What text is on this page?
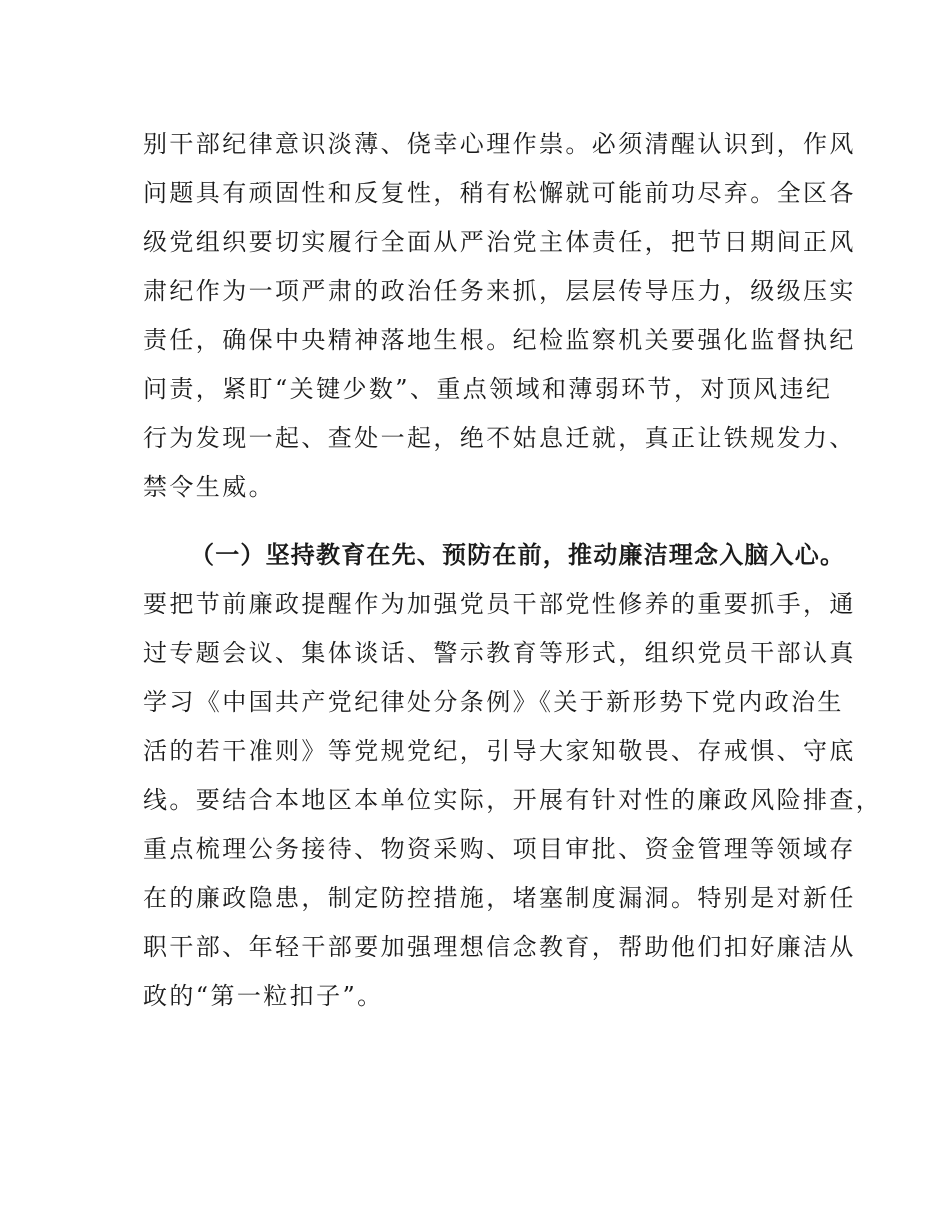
别干部纪律意识淡薄、侥幸心理作祟。必须清醒认识到，作风
问题具有顽固性和反复性，稍有松懈就可能前功尽弃。全区各
级党组织要切实履行全面从严治党主体责任，把节日期间正风
肃纪作为一项严肃的政治任务来抓，层层传导压力，级级压实
责任，确保中央精神落地生根。纪检监察机关要强化监督执纪
问责，紧盯“关键少数”、重点领域和薄弱环节，对顶风违纪
行为发现一起、查处一起，绝不姑息迁就，真正让铁规发力、
禁令生威。
（一）坚持教育在先、预防在前，推动廉洁理念入脑入心。
要把节前廉政提醒作为加强党员干部党性修养的重要抓手，通
过专题会议、集体谈话、警示教育等形式，组织党员干部认真
学习《中国共产党纪律处分条例》《关于新形势下党内政治生
活的若干准则》等党规党纪，引导大家知敬畏、存戒惧、守底
线。要结合本地区本单位实际，开展有针对性的廉政风险排查，
重点梳理公务接待、物资采购、项目审批、资金管理等领域存
在的廉政隐患，制定防控措施，堵塞制度漏洞。特别是对新任
职干部、年轻干部要加强理想信念教育，帮助他们扣好廉洁从
政的“第一粒扣子”。
